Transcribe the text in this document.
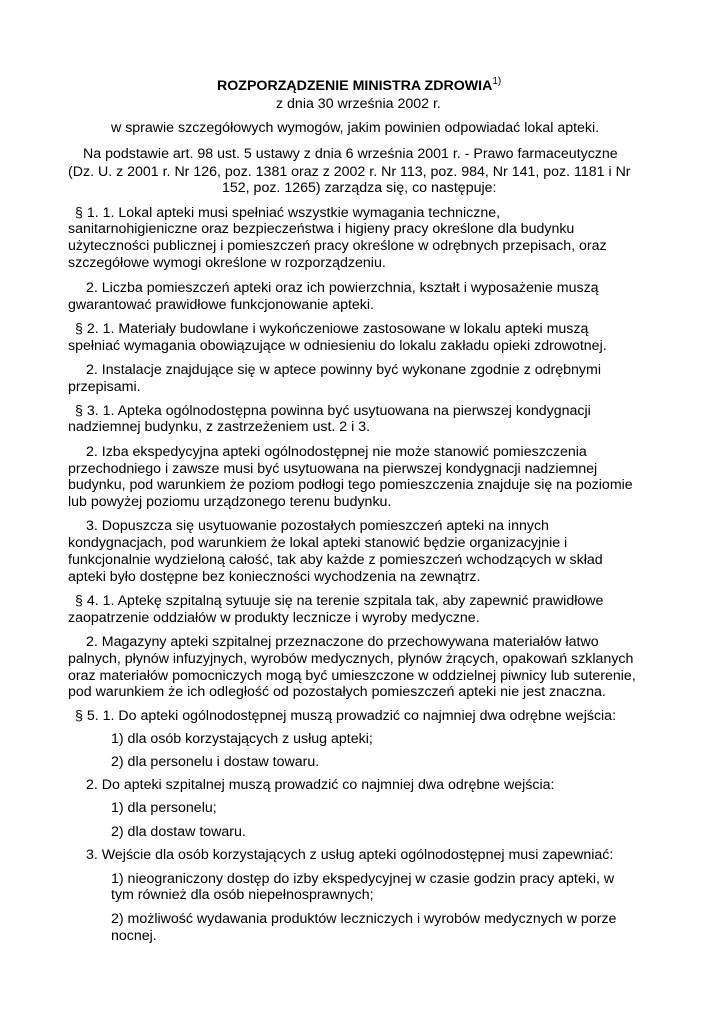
ROZPORZĄDZENIE MINISTRA ZDROWIA$^{1)}$
z dnia 30 września 2002 r.
w sprawie szczegółowych wymogów, jakim powinien odpowiadać lokal apteki.
Na podstawie art. 98 ust. 5 ustawy z dnia 6 września 2001 r. - Prawo farmaceutyczne
(Dz. U. z 2001 r. Nr 126, poz. 1381 oraz z 2002 r. Nr 113, poz. 984, Nr 141, poz. 1181 i Nr
152, poz. 1265) zarządza się, co następuje:
§ 1. 1. Lokal apteki musi spełniać wszystkie wymagania techniczne,
sanitarnohigieniczne oraz bezpieczeństwa i higieny pracy określone dla budynku
użyteczności publicznej i pomieszczeń pracy określone w odrębnych przepisach, oraz
szczegółowe wymogi określone w rozporządzeniu.
2. Liczba pomieszczeń apteki oraz ich powierzchnia, kształt i wyposażenie muszą
gwarantować prawidłowe funkcjonowanie apteki.
§ 2. 1. Materiały budowlane i wykończeniowe zastosowane w lokalu apteki muszą
spełniać wymagania obowiązujące w odniesieniu do lokalu zakładu opieki zdrowotnej.
2. Instalacje znajdujące się w aptece powinny być wykonane zgodnie z odrębnymi
przepisami.
§ 3. 1. Apteka ogólnodostępna powinna być usytuowana na pierwszej kondygnacji
nadziemnej budynku, z zastrzeżeniem ust. 2 i 3.
2. Izba ekspedycyjna apteki ogólnodostępnej nie może stanowić pomieszczenia
przechodniego i zawsze musi być usytuowana na pierwszej kondygnacji nadziemnej
budynku, pod warunkiem że poziom podłogi tego pomieszczenia znajduje się na poziomie
lub powyżej poziomu urządzonego terenu budynku.
3. Dopuszcza się usytuowanie pozostałych pomieszczeń apteki na innych
kondygnacjach, pod warunkiem że lokal apteki stanowić będzie organizacyjnie i
funkcjonalnie wydzieloną całość, tak aby każde z pomieszczeń wchodzących w skład
apteki było dostępne bez konieczności wychodzenia na zewnątrz.
§ 4. 1. Aptekę szpitalną sytuuje się na terenie szpitala tak, aby zapewnić prawidłowe
zaopatrzenie oddziałów w produkty lecznicze i wyroby medyczne.
2. Magazyny apteki szpitalnej przeznaczone do przechowywana materiałów łatwo
palnych, płynów infuzyjnych, wyrobów medycznych, płynów żrących, opakowań szklanych
oraz materiałów pomocniczych mogą być umieszczone w oddzielnej piwnicy lub suterenie,
pod warunkiem że ich odległość od pozostałych pomieszczeń apteki nie jest znaczna.
§ 5. 1. Do apteki ogólnodostępnej muszą prowadzić co najmniej dwa odrębne wejścia:
1) dla osób korzystających z usług apteki;
2) dla personelu i dostaw towaru.
2. Do apteki szpitalnej muszą prowadzić co najmniej dwa odrębne wejścia:
1) dla personelu;
2) dla dostaw towaru.
3. Wejście dla osób korzystających z usług apteki ogólnodostępnej musi zapewniać:
1) nieograniczony dostęp do izby ekspedycyjnej w czasie godzin pracy apteki, w
tym również dla osób niepełnosprawnych;
2) możliwość wydawania produktów leczniczych i wyrobów medycznych w porze
nocnej.
